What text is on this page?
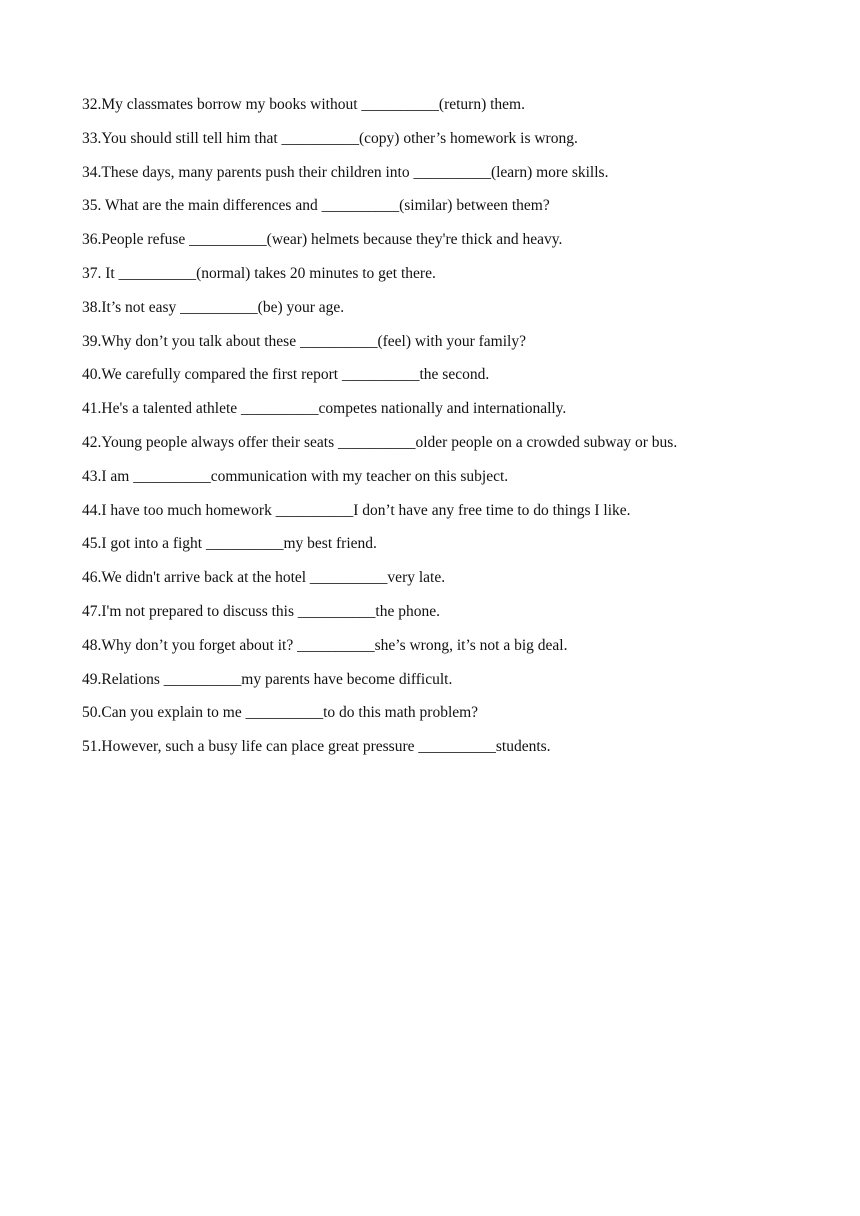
32.My classmates borrow my books without __________(return) them.
33.You should still tell him that __________(copy) other’s homework is wrong.
34.These days, many parents push their children into __________(learn) more skills.
35. What are the main differences and __________(similar) between them?
36.People refuse __________(wear) helmets because they're thick and heavy.
37. It __________(normal) takes 20 minutes to get there.
38.It’s not easy __________(be) your age.
39.Why don’t you talk about these __________(feel) with your family?
40.We carefully compared the first report __________the second.
41.He's a talented athlete __________competes nationally and internationally.
42.Young people always offer their seats __________older people on a crowded subway or bus.
43.I am __________communication with my teacher on this subject.
44.I have too much homework __________I don’t have any free time to do things I like.
45.I got into a fight __________my best friend.
46.We didn't arrive back at the hotel __________very late.
47.I'm not prepared to discuss this __________the phone.
48.Why don’t you forget about it? __________she’s wrong, it’s not a big deal.
49.Relations __________my parents have become difficult.
50.Can you explain to me __________to do this math problem?
51.However, such a busy life can place great pressure __________students.
